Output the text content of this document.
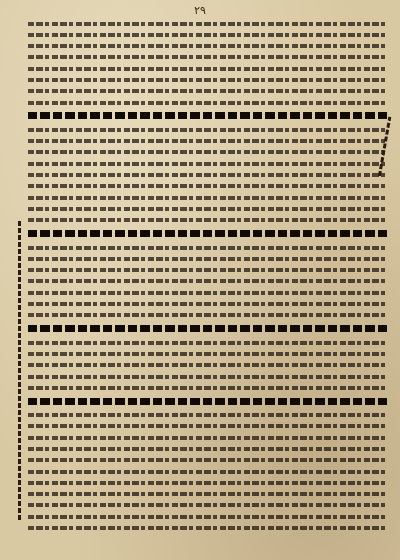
٢٩
